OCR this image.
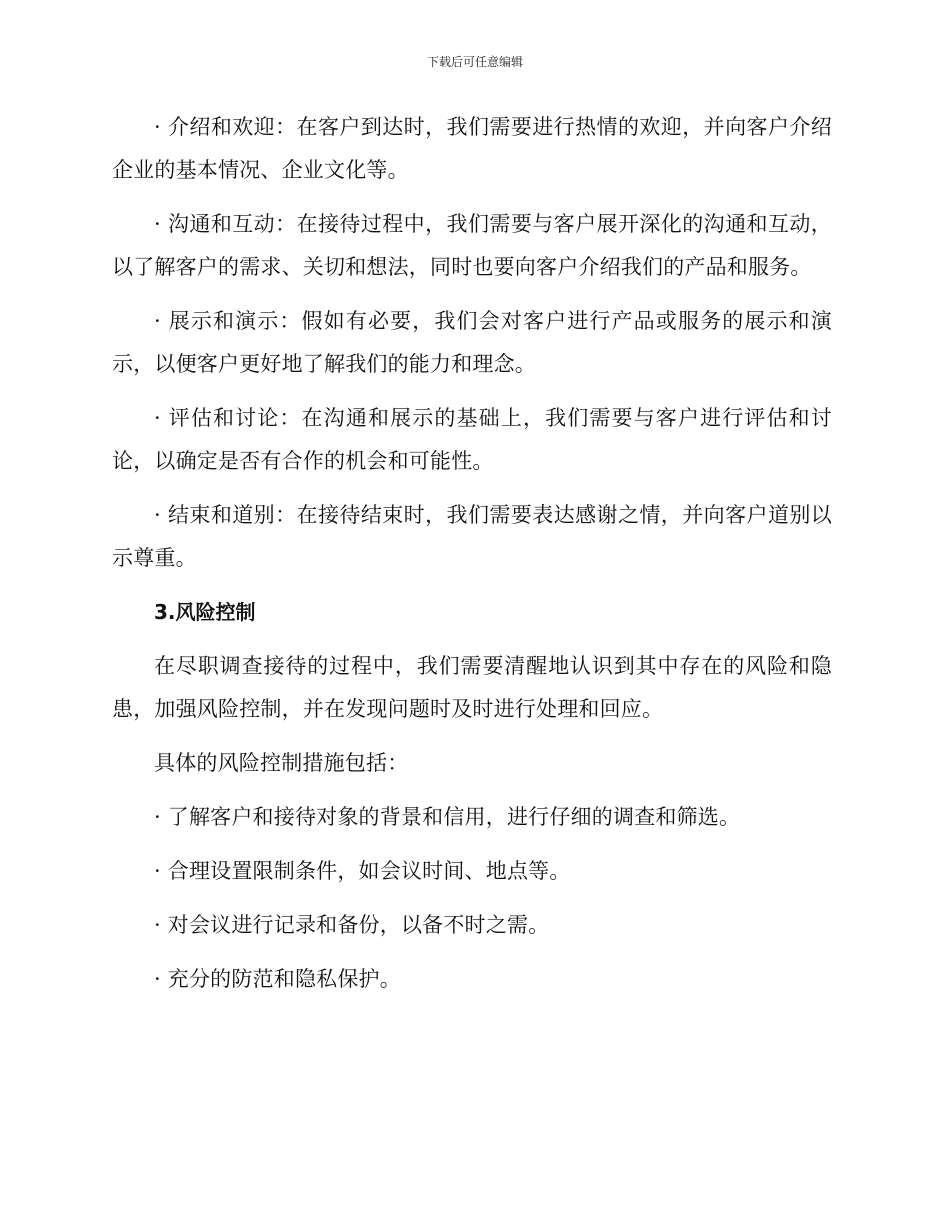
下载后可任意编辑

· 介绍和欢迎：在客户到达时，我们需要进行热情的欢迎，并向客户介绍企业的基本情况、企业文化等。

· 沟通和互动：在接待过程中，我们需要与客户展开深化的沟通和互动，以了解客户的需求、关切和想法，同时也要向客户介绍我们的产品和服务。

· 展示和演示：假如有必要，我们会对客户进行产品或服务的展示和演示，以便客户更好地了解我们的能力和理念。

· 评估和讨论：在沟通和展示的基础上，我们需要与客户进行评估和讨论，以确定是否有合作的机会和可能性。

· 结束和道别：在接待结束时，我们需要表达感谢之情，并向客户道别以示尊重。

3.风险控制

在尽职调查接待的过程中，我们需要清醒地认识到其中存在的风险和隐患，加强风险控制，并在发现问题时及时进行处理和回应。

具体的风险控制措施包括：

· 了解客户和接待对象的背景和信用，进行仔细的调查和筛选。

· 合理设置限制条件，如会议时间、地点等。

· 对会议进行记录和备份，以备不时之需。

· 充分的防范和隐私保护。
